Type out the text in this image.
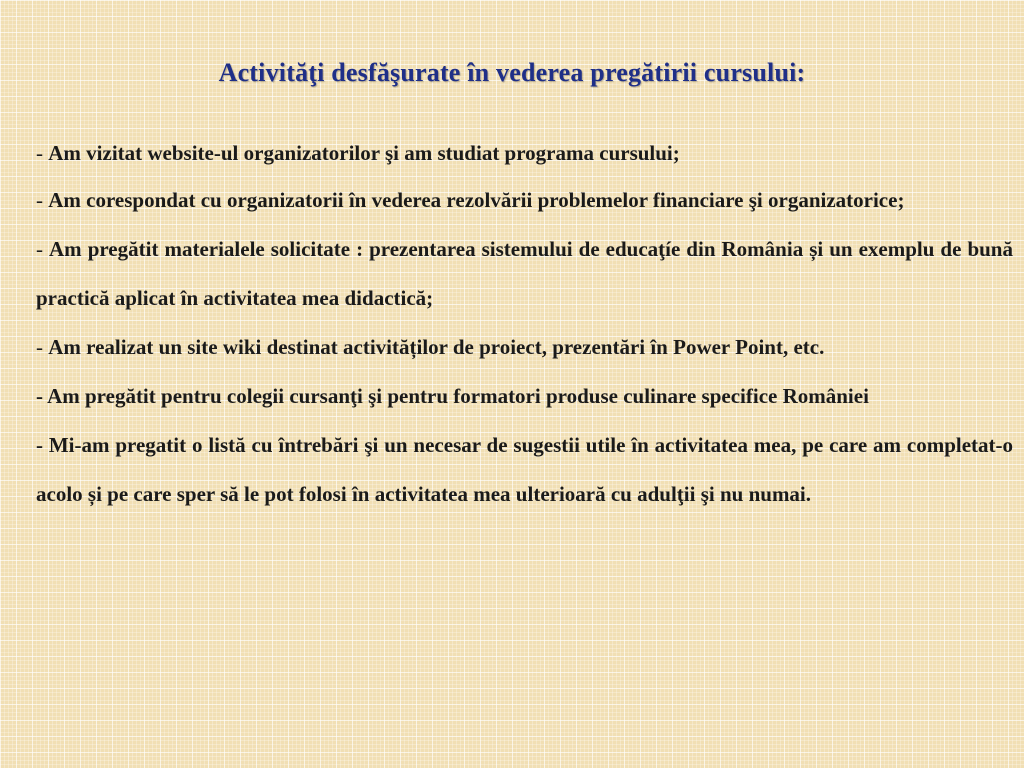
Activităţi desfăşurate în vederea pregătirii cursului:
- Am vizitat website-ul organizatorilor şi am studiat programa cursului;
- Am corespondat cu organizatorii în vederea rezolvării problemelor financiare şi organizatorice;
- Am pregătit materialele solicitate : prezentarea sistemului de educaţíe din România și un exemplu de bună practică aplicat în activitatea mea didactică;
- Am realizat un site wiki destinat activităților de proiect, prezentări în Power Point, etc.
- Am pregătit pentru colegii cursanţi şi pentru formatori produse culinare specifice României
- Mi-am pregatit o listă cu întrebări şi un necesar de sugestii utile în activitatea mea, pe care am completat-o acolo și pe care sper să le pot folosi în activitatea mea ulterioară cu adulţii şi nu numai.
